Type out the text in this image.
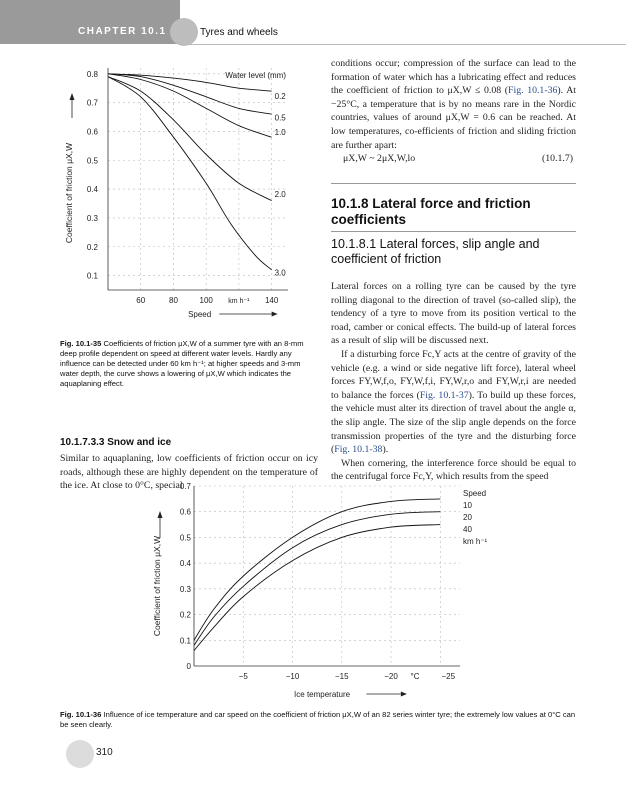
CHAPTER 10.1	Tyres and wheels
0.8
0.7
0.6
0.5
0.4
0.3
0.2
0.1
60	80	100	140
km h⁻¹
Speed
Coefficient of friction μX,W
Water level (mm)
0.2
0.5
1.0
2.0
3.0
Fig. 10.1-35 Coefficients of friction μX,W of a summer tyre with an 8-mm deep profile dependent on speed at different water levels. Hardly any influence can be detected under 60 km h⁻¹; at higher speeds and 3-mm water depth, the curve shows a lowering of μX,W which indicates the aquaplaning effect.
10.1.7.3.3 Snow and ice

Similar to aquaplaning, low coefficients of friction occur on icy roads, although these are highly dependent on the temperature of the ice. At close to 0°C, special

conditions occur; compression of the surface can lead to the formation of water which has a lubricating effect and reduces the coefficient of friction to μX,W ≤ 0.08 (Fig. 10.1-36). At −25°C, a temperature that is by no means rare in the Nordic countries, values of around μX,W = 0.6 can be reached. At low temperatures, co-efficients of friction and sliding friction are further apart:

μX,W ~ 2μX,W,lo	(10.1.7)
10.1.8 Lateral force and friction coefficients
10.1.8.1 Lateral forces, slip angle and coefficient of friction

Lateral forces on a rolling tyre can be caused by the tyre rolling diagonal to the direction of travel (so-called slip), the tendency of a tyre to move from its position vertical to the road, camber or conical effects. The build-up of lateral forces as a result of slip will be discussed next.

If a disturbing force Fc,Y acts at the centre of gravity of the vehicle (e.g. a wind or side negative lift force), lateral wheel forces FY,W,f,o, FY,W,f,i, FY,W,r,o and FY,W,r,i are needed to balance the forces (Fig. 10.1-37). To build up these forces, the vehicle must alter its direction of travel about the angle α, the slip angle. The size of the slip angle depends on the force transmission properties of the tyre and the disturbing force (Fig. 10.1-38).

When cornering, the interference force should be equal to the centrifugal force Fc,Y, which results from the speed

0.7
0.6
0.5
0.4
0.3
0.2
0.1
0
−5	−10	−15	−20	−25
°C
Ice temperature
Coefficient of friction μX,W
Speed
10
20
40
km h⁻¹
Fig. 10.1-36 Influence of ice temperature and car speed on the coefficient of friction μX,W of an 82 series winter tyre; the extremely low values at 0°C can be seen clearly.
310
